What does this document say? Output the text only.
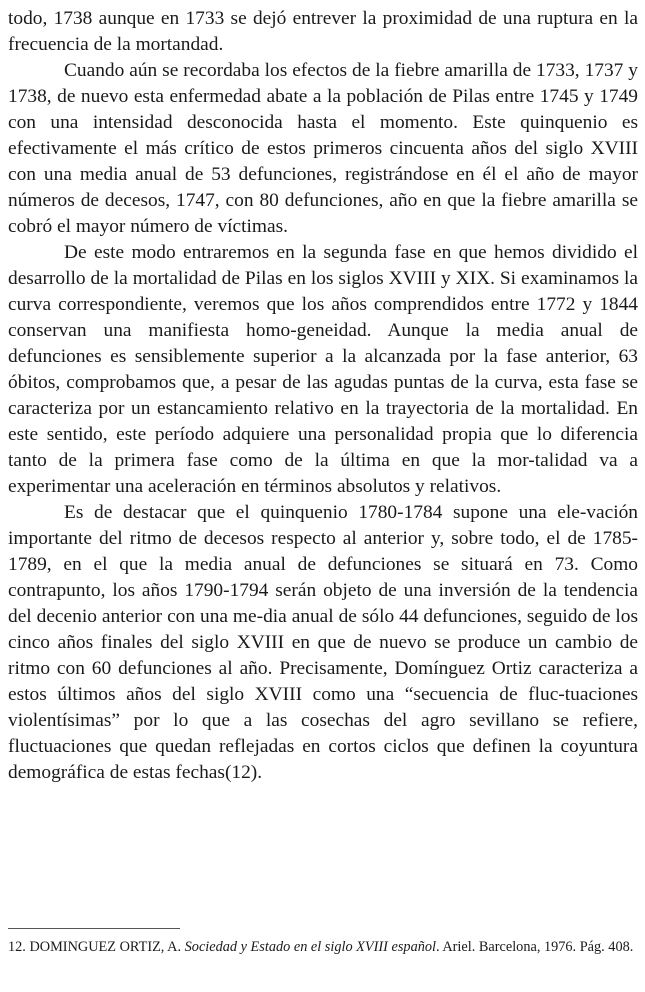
todo, 1738 aunque en 1733 se dejó entrever la proximidad de una ruptura en la frecuencia de la mortandad.

Cuando aún se recordaba los efectos de la fiebre amarilla de 1733, 1737 y 1738, de nuevo esta enfermedad abate a la población de Pilas entre 1745 y 1749 con una intensidad desconocida hasta el momento. Este quinquenio es efectivamente el más crítico de estos primeros cincuenta años del siglo XVIII con una media anual de 53 defunciones, registrándose en él el año de mayor números de decesos, 1747, con 80 defunciones, año en que la fiebre amarilla se cobró el mayor número de víctimas.

De este modo entraremos en la segunda fase en que hemos dividido el desarrollo de la mortalidad de Pilas en los siglos XVIII y XIX. Si examinamos la curva correspondiente, veremos que los años comprendidos entre 1772 y 1844 conservan una manifiesta homo-geneidad. Aunque la media anual de defunciones es sensiblemente superior a la alcanzada por la fase anterior, 63 óbitos, comprobamos que, a pesar de las agudas puntas de la curva, esta fase se caracteriza por un estancamiento relativo en la trayectoria de la mortalidad. En este sentido, este período adquiere una personalidad propia que lo diferencia tanto de la primera fase como de la última en que la mor-talidad va a experimentar una aceleración en términos absolutos y relativos.

Es de destacar que el quinquenio 1780-1784 supone una ele-vación importante del ritmo de decesos respecto al anterior y, sobre todo, el de 1785-1789, en el que la media anual de defunciones se situará en 73. Como contrapunto, los años 1790-1794 serán objeto de una inversión de la tendencia del decenio anterior con una me-dia anual de sólo 44 defunciones, seguido de los cinco años finales del siglo XVIII en que de nuevo se produce un cambio de ritmo con 60 defunciones al año. Precisamente, Domínguez Ortiz caracteriza a estos últimos años del siglo XVIII como una “secuencia de fluc-tuaciones violentísimas” por lo que a las cosechas del agro sevillano se refiere, fluctuaciones que quedan reflejadas en cortos ciclos que definen la coyuntura demográfica de estas fechas(12).

12. DOMINGUEZ ORTIZ, A. Sociedad y Estado en el siglo XVIII español. Ariel. Barcelona, 1976. Pág. 408.
